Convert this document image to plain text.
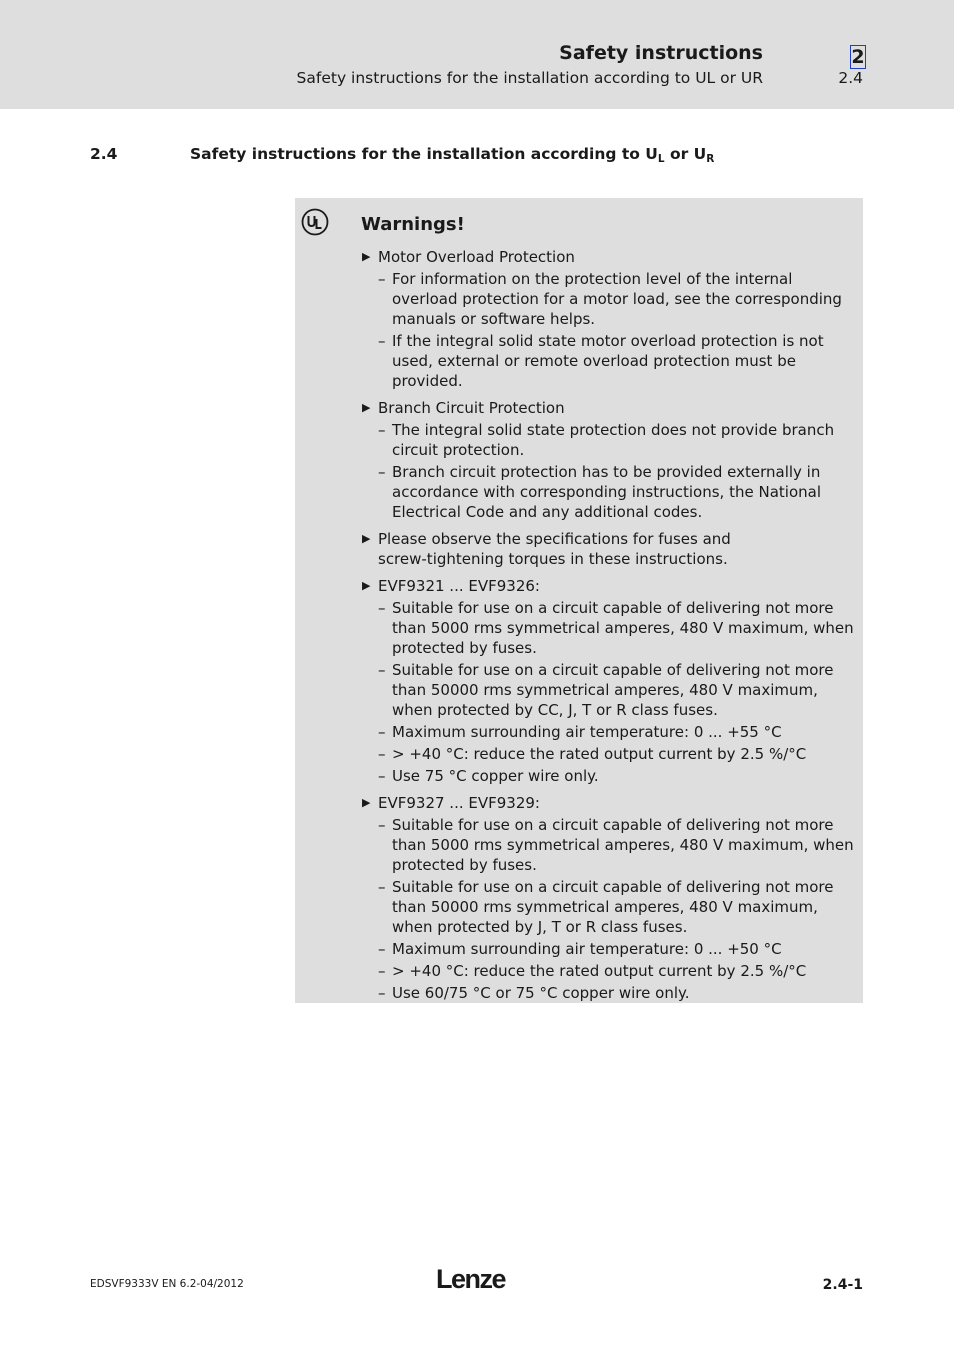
Safety instructions
Safety instructions for the installation according to UL or UR
2
2.4
2.4	Safety instructions for the installation according to $U_L$ or $U_R$
Warnings!
▶ Motor Overload Protection
– For information on the protection level of the internal overload protection for a motor load, see the corresponding manuals or software helps.
– If the integral solid state motor overload protection is not used, external or remote overload protection must be provided.
▶ Branch Circuit Protection
– The integral solid state protection does not provide branch circuit protection.
– Branch circuit protection has to be provided externally in accordance with corresponding instructions, the National Electrical Code and any additional codes.
▶ Please observe the specifications for fuses and screw‑tightening torques in these instructions.
▶ EVF9321 ... EVF9326:
– Suitable for use on a circuit capable of delivering not more than 5000 rms symmetrical amperes, 480 V maximum, when protected by fuses.
– Suitable for use on a circuit capable of delivering not more than 50000 rms symmetrical amperes, 480 V maximum, when protected by CC, J, T or R class fuses.
– Maximum surrounding air temperature: 0 ... +55 °C
– > +40 °C: reduce the rated output current by 2.5 %/°C
– Use 75 °C copper wire only.
▶ EVF9327 ... EVF9329:
– Suitable for use on a circuit capable of delivering not more than 5000 rms symmetrical amperes, 480 V maximum, when protected by fuses.
– Suitable for use on a circuit capable of delivering not more than 50000 rms symmetrical amperes, 480 V maximum, when protected by J, T or R class fuses.
– Maximum surrounding air temperature: 0 ... +50 °C
– > +40 °C: reduce the rated output current by 2.5 %/°C
– Use 60/75 °C or 75 °C copper wire only.
EDSVF9333V EN 6.2-04/2012	Lenze	2.4-1
